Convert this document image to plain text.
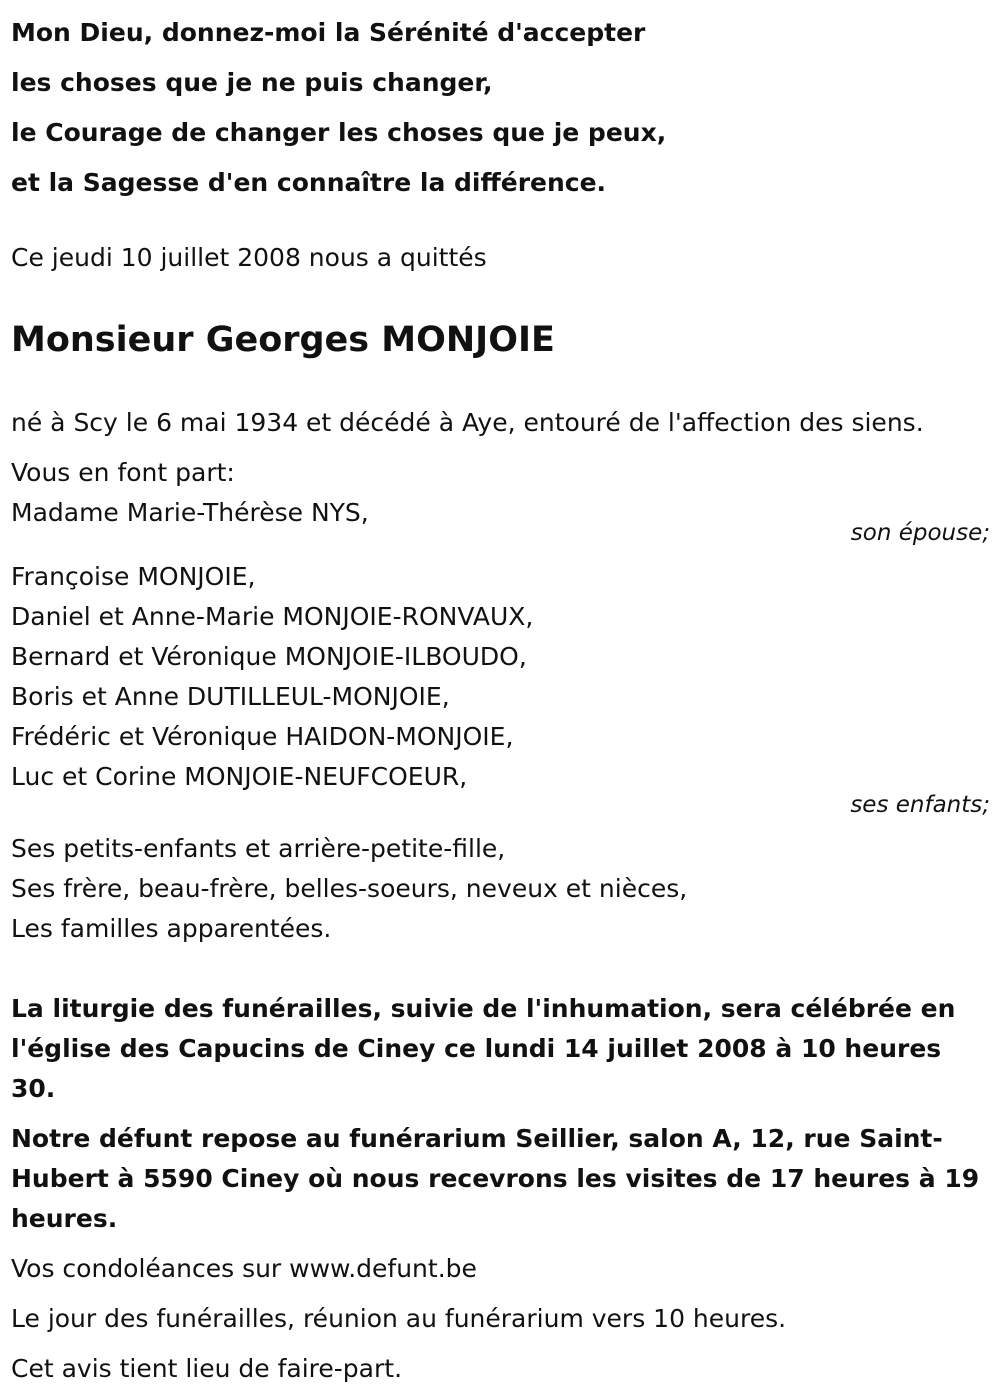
Mon Dieu, donnez-moi la Sérénité d'accepter
les choses que je ne puis changer,
le Courage de changer les choses que je peux,
et la Sagesse d'en connaître la différence.
Ce jeudi 10 juillet 2008 nous a quittés
Monsieur Georges MONJOIE
né à Scy le 6 mai 1934 et décédé à Aye, entouré de l'affection des siens.
Vous en font part:
Madame Marie-Thérèse NYS,
son épouse;
Françoise MONJOIE,
Daniel et Anne-Marie MONJOIE-RONVAUX,
Bernard et Véronique MONJOIE-ILBOUDO,
Boris et Anne DUTILLEUL-MONJOIE,
Frédéric et Véronique HAIDON-MONJOIE,
Luc et Corine MONJOIE-NEUFCOEUR,
ses enfants;
Ses petits-enfants et arrière-petite-fille,
Ses frère, beau-frère, belles-soeurs, neveux et nièces,
Les familles apparentées.
La liturgie des funérailles, suivie de l'inhumation, sera célébrée en
l'église des Capucins de Ciney ce lundi 14 juillet 2008 à 10 heures 30.
Notre défunt repose au funérarium Seillier, salon A, 12, rue Saint-
Hubert à 5590 Ciney où nous recevrons les visites de 17 heures à 19
heures.
Vos condoléances sur www.defunt.be
Le jour des funérailles, réunion au funérarium vers 10 heures.
Cet avis tient lieu de faire-part.
